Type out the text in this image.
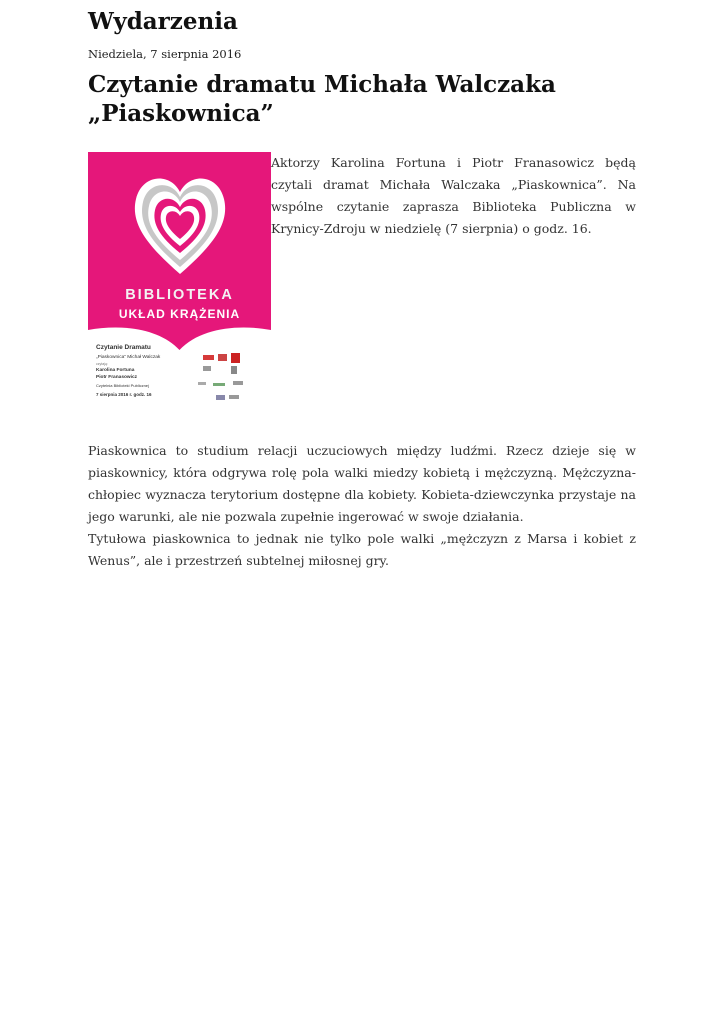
Wydarzenia
Niedziela, 7 sierpnia 2016
Czytanie dramatu Michała Walczaka „Piaskownica”
BIBLIOTEKA
UKŁAD KRĄŻENIA
Czytanie Dramatu
„Piaskownica” Michał Walczak
czytają:
Karolina Fortuna
Piotr Franasowicz
Czytelnia Biblioteki Publicznej
7 sierpnia 2016 r. godz. 16

Aktorzy Karolina Fortuna i Piotr Franasowicz będą czytali dramat Michała Walczaka „Piaskownica”. Na wspólne czytanie zaprasza Biblioteka Publiczna w Krynicy-Zdroju w niedzielę (7 sierpnia) o godz. 16.

Piaskownica to studium relacji uczuciowych między ludźmi. Rzecz dzieje się w piaskownicy, która odgrywa rolę pola walki miedzy kobietą i mężczyzną. Mężczyzna-chłopiec wyznacza terytorium dostępne dla kobiety. Kobieta-dziewczynka przystaje na jego warunki, ale nie pozwala zupełnie ingerować w swoje działania.
Tytułowa piaskownica to jednak nie tylko pole walki „mężczyzn z Marsa i kobiet z Wenus”, ale i przestrzeń subtelnej miłosnej gry.
